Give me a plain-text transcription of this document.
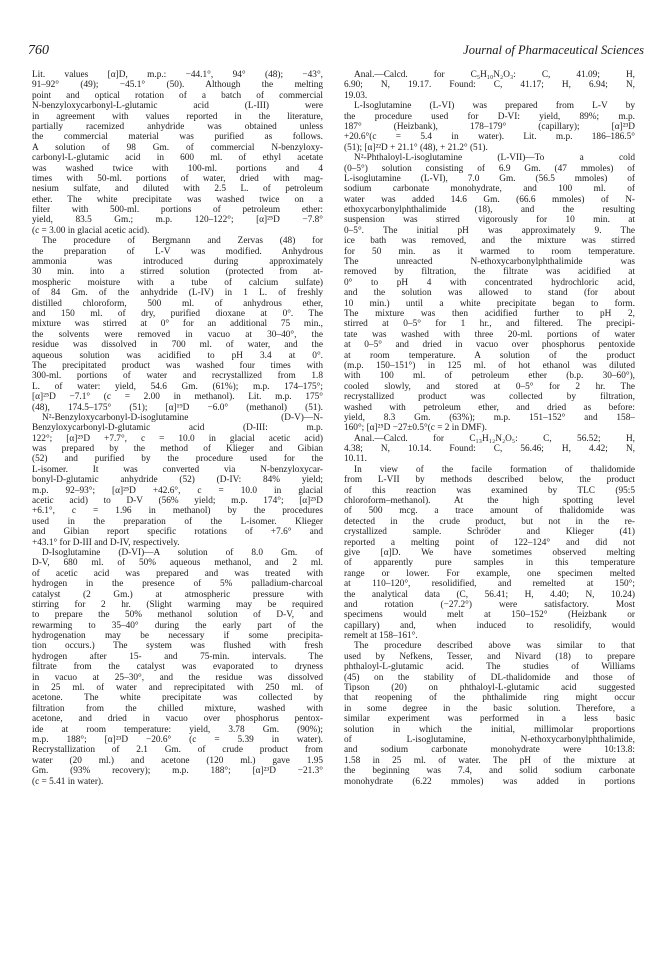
760	Journal of Pharmaceutical Sciences
Lit. values [α]D, m.p.: −44.1°, 94° (48); −43°,
91–92° (49); −45.1° (50). Although the melting
point and optical rotation of a batch of commercial
N-benzyloxycarbonyl-L-glutamic acid (L-III) were
in agreement with values reported in the literature,
partially racemized anhydride was obtained unless
the commercial material was purified as follows.
A solution of 98 Gm. of commercial N-benzyloxy-
carbonyl-L-glutamic acid in 600 ml. of ethyl acetate
was washed twice with 100-ml. portions and 4
times with 50-ml. portions of water, dried with mag-
nesium sulfate, and diluted with 2.5 L. of petroleum
ether. The white precipitate was washed twice on a
filter with 500-ml. portions of petroleum ether:
yield, 83.5 Gm.; m.p. 120–122°; [α]²⁵D −7.8°
(c = 3.00 in glacial acetic acid).
The procedure of Bergmann and Zervas (48) for
the preparation of L-V was modified. Anhydrous
ammonia was introduced during approximately
30 min. into a stirred solution (protected from at-
mospheric moisture with a tube of calcium sulfate)
of 84 Gm. of the anhydride (L-IV) in 1 L. of freshly
distilled chloroform, 500 ml. of anhydrous ether,
and 150 ml. of dry, purified dioxane at 0°. The
mixture was stirred at 0° for an additional 75 min.,
the solvents were removed in vacuo at 30–40°, the
residue was dissolved in 700 ml. of water, and the
aqueous solution was acidified to pH 3.4 at 0°.
The precipitated product was washed four times with
300-ml. portions of water and recrystallized from 1.8
L. of water: yield, 54.6 Gm. (61%); m.p. 174–175°;
[α]²⁵D −7.1° (c = 2.00 in methanol). Lit. m.p. 175°
(48), 174.5–175° (51); [α]¹⁹D −6.0° (methanol) (51).
N²-Benzyloxycarbonyl-D-isoglutamine (D-V)—N-
Benzyloxycarbonyl-D-glutamic acid (D-III: m.p.
122°; [α]²⁵D +7.7°, c = 10.0 in glacial acetic acid)
was prepared by the method of Klieger and Gibian
(52) and purified by the procedure used for the
L-isomer. It was converted via N-benzyloxycar-
bonyl-D-glutamic anhydride (52) (D-IV: 84% yield;
m.p. 92–93°; [α]²⁵D +42.6°, c = 10.0 in glacial
acetic acid) to D-V (56% yield; m.p. 174°; [α]²⁵D
+6.1°, c = 1.96 in methanol) by the procedures
used in the preparation of the L-isomer. Klieger
and Gibian report specific rotations of +7.6° and
+43.1° for D-III and D-IV, respectively.
D-Isoglutamine (D-VI)—A solution of 8.0 Gm. of
D-V, 680 ml. of 50% aqueous methanol, and 2 ml.
of acetic acid was prepared and was treated with
hydrogen in the presence of 5% palladium-charcoal
catalyst (2 Gm.) at atmospheric pressure with
stirring for 2 hr. (Slight warming may be required
to prepare the 50% methanol solution of D-V, and
rewarming to 35–40° during the early part of the
hydrogenation may be necessary if some precipita-
tion occurs.) The system was flushed with fresh
hydrogen after 15- and 75-min. intervals. The
filtrate from the catalyst was evaporated to dryness
in vacuo at 25–30°, and the residue was dissolved
in 25 ml. of water and reprecipitated with 250 ml. of
acetone. The white precipitate was collected by
filtration from the chilled mixture, washed with
acetone, and dried in vacuo over phosphorus pentox-
ide at room temperature: yield, 3.78 Gm. (90%);
m.p. 188°; [α]²³D −20.6° (c = 5.39 in water).
Recrystallization of 2.1 Gm. of crude product from
water (20 ml.) and acetone (120 ml.) gave 1.95
Gm. (93% recovery); m.p. 188°; [α]²³D −21.3°
(c = 5.41 in water).
Anal.—Calcd. for C₅H₁₀N₂O₃: C, 41.09; H,
6.90; N, 19.17. Found: C, 41.17; H, 6.94; N,
19.03.
L-Isoglutamine (L-VI) was prepared from L-V by
the procedure used for D-VI: yield, 89%; m.p.
187° (Heizbank), 178–179° (capillary); [α]²³D
+20.6°(c = 5.4 in water). Lit. m.p. 186–186.5°
(51); [α]²²D + 21.1° (48), + 21.2° (51).
N²-Phthaloyl-L-isoglutamine (L-VII)—To a cold
(0–5°) solution consisting of 6.9 Gm. (47 mmoles) of
L-isoglutamine (L-VI), 7.0 Gm. (56.5 mmoles) of
sodium carbonate monohydrate, and 100 ml. of
water was added 14.6 Gm. (66.6 mmoles) of N-
ethoxycarbonylphthalimide (18), and the resulting
suspension was stirred vigorously for 10 min. at
0–5°. The initial pH was approximately 9. The
ice bath was removed, and the mixture was stirred
for 50 min. as it warmed to room temperature.
The unreacted N-ethoxycarbonylphthalimide was
removed by filtration, the filtrate was acidified at
0° to pH 4 with concentrated hydrochloric acid,
and the solution was allowed to stand (for about
10 min.) until a white precipitate began to form.
The mixture was then acidified further to pH 2,
stirred at 0–5° for 1 hr., and filtered. The precipi-
tate was washed with three 20-ml. portions of water
at 0–5° and dried in vacuo over phosphorus pentoxide
at room temperature. A solution of the product
(m.p. 150–151°) in 125 ml. of hot ethanol was diluted
with 100 ml. of petroleum ether (b.p. 30–60°),
cooled slowly, and stored at 0–5° for 2 hr. The
recrystallized product was collected by filtration,
washed with petroleum ether, and dried as before:
yield, 8.3 Gm. (63%); m.p. 151–152° and 158–
160°; [α]²⁵D −27±0.5°(c = 2 in DMF).
Anal.—Calcd. for C₁₃H₁₂N₂O₅: C, 56.52; H,
4.38; N, 10.14. Found: C, 56.46; H, 4.42; N,
10.11.
In view of the facile formation of thalidomide
from L-VII by methods described below, the product
of this reaction was examined by TLC (95:5
chloroform–methanol). At the high spotting level
of 500 mcg. a trace amount of thalidomide was
detected in the crude product, but not in the re-
crystallized sample. Schröder and Klieger (41)
reported a melting point of 122–124° and did not
give [α]D. We have sometimes observed melting
of apparently pure samples in this temperature
range or lower. For example, one specimen melted
at 110–120°, resolidified, and remelted at 150°;
the analytical data (C, 56.41; H, 4.40; N, 10.24)
and rotation (−27.2°) were satisfactory. Most
specimens would melt at 150–152° (Heizbank or
capillary) and, when induced to resolidify, would
remelt at 158–161°.
The procedure described above was similar to that
used by Nefkens, Tesser, and Nivard (18) to prepare
phthaloyl-L-glutamic acid. The studies of Williams
(45) on the stability of DL-thalidomide and those of
Tipson (20) on phthaloyl-L-glutamic acid suggested
that reopening of the phthalimide ring might occur
in some degree in the basic solution. Therefore, a
similar experiment was performed in a less basic
solution in which the initial, millimolar proportions
of L-isoglutamine, N-ethoxycarbonylphthalimide,
and sodium carbonate monohydrate were 10:13.8:
1.58 in 25 ml. of water. The pH of the mixture at
the beginning was 7.4, and solid sodium carbonate
monohydrate (6.22 mmoles) was added in portions
